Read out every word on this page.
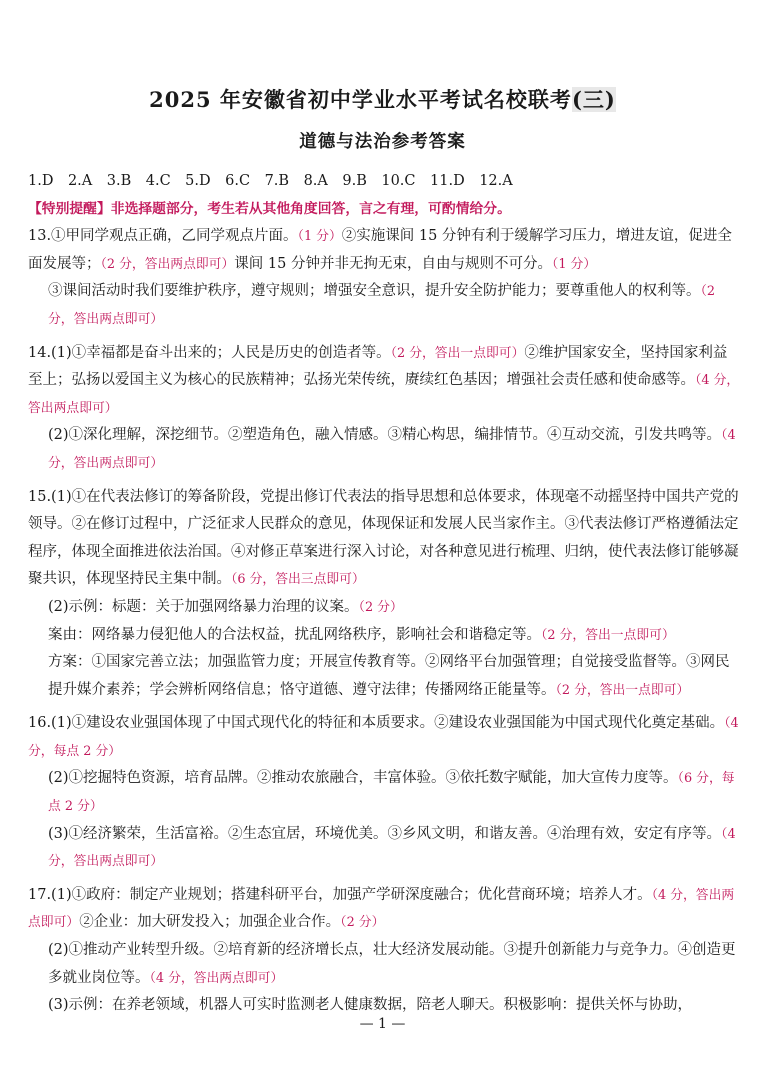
2025 年安徽省初中学业水平考试名校联考(三)
道德与法治参考答案
1.D　2.A　3.B　4.C　5.D　6.C　7.B　8.A　9.B　10.C　11.D　12.A
【特别提醒】非选择题部分，考生若从其他角度回答，言之有理，可酌情给分。
13.①甲同学观点正确，乙同学观点片面。（1 分）②实施课间 15 分钟有利于缓解学习压力，增进友谊，促进全面发展等；（2 分，答出两点即可）课间 15 分钟并非无拘无束，自由与规则不可分。（1 分）
③课间活动时我们要维护秩序，遵守规则；增强安全意识，提升安全防护能力；要尊重他人的权利等。（2 分，答出两点即可）
14.(1)①幸福都是奋斗出来的；人民是历史的创造者等。（2 分，答出一点即可）②维护国家安全，坚持国家利益至上；弘扬以爱国主义为核心的民族精神；弘扬光荣传统，赓续红色基因；增强社会责任感和使命感等。（4 分，答出两点即可）
(2)①深化理解，深挖细节。②塑造角色，融入情感。③精心构思，编排情节。④互动交流，引发共鸣等。（4 分，答出两点即可）
15.(1)①在代表法修订的筹备阶段，党提出修订代表法的指导思想和总体要求，体现毫不动摇坚持中国共产党的领导。②在修订过程中，广泛征求人民群众的意见，体现保证和发展人民当家作主。③代表法修订严格遵循法定程序，体现全面推进依法治国。④对修正草案进行深入讨论，对各种意见进行梳理、归纳，使代表法修订能够凝聚共识，体现坚持民主集中制。（6 分，答出三点即可）
(2)示例：标题：关于加强网络暴力治理的议案。（2 分）
案由：网络暴力侵犯他人的合法权益，扰乱网络秩序，影响社会和谐稳定等。（2 分，答出一点即可）
方案：①国家完善立法；加强监管力度；开展宣传教育等。②网络平台加强管理；自觉接受监督等。③网民提升媒介素养；学会辨析网络信息；恪守道德、遵守法律；传播网络正能量等。（2 分，答出一点即可）
16.(1)①建设农业强国体现了中国式现代化的特征和本质要求。②建设农业强国能为中国式现代化奠定基础。（4 分，每点 2 分）
(2)①挖掘特色资源，培育品牌。②推动农旅融合，丰富体验。③依托数字赋能，加大宣传力度等。（6 分，每点 2 分）
(3)①经济繁荣，生活富裕。②生态宜居，环境优美。③乡风文明，和谐友善。④治理有效，安定有序等。（4 分，答出两点即可）
17.(1)①政府：制定产业规划；搭建科研平台，加强产学研深度融合；优化营商环境；培养人才。（4 分，答出两点即可）②企业：加大研发投入；加强企业合作。（2 分）
(2)①推动产业转型升级。②培育新的经济增长点，壮大经济发展动能。③提升创新能力与竞争力。④创造更多就业岗位等。（4 分，答出两点即可）
(3)示例：在养老领域，机器人可实时监测老人健康数据，陪老人聊天。积极影响：提供关怀与协助，
— 1 —
